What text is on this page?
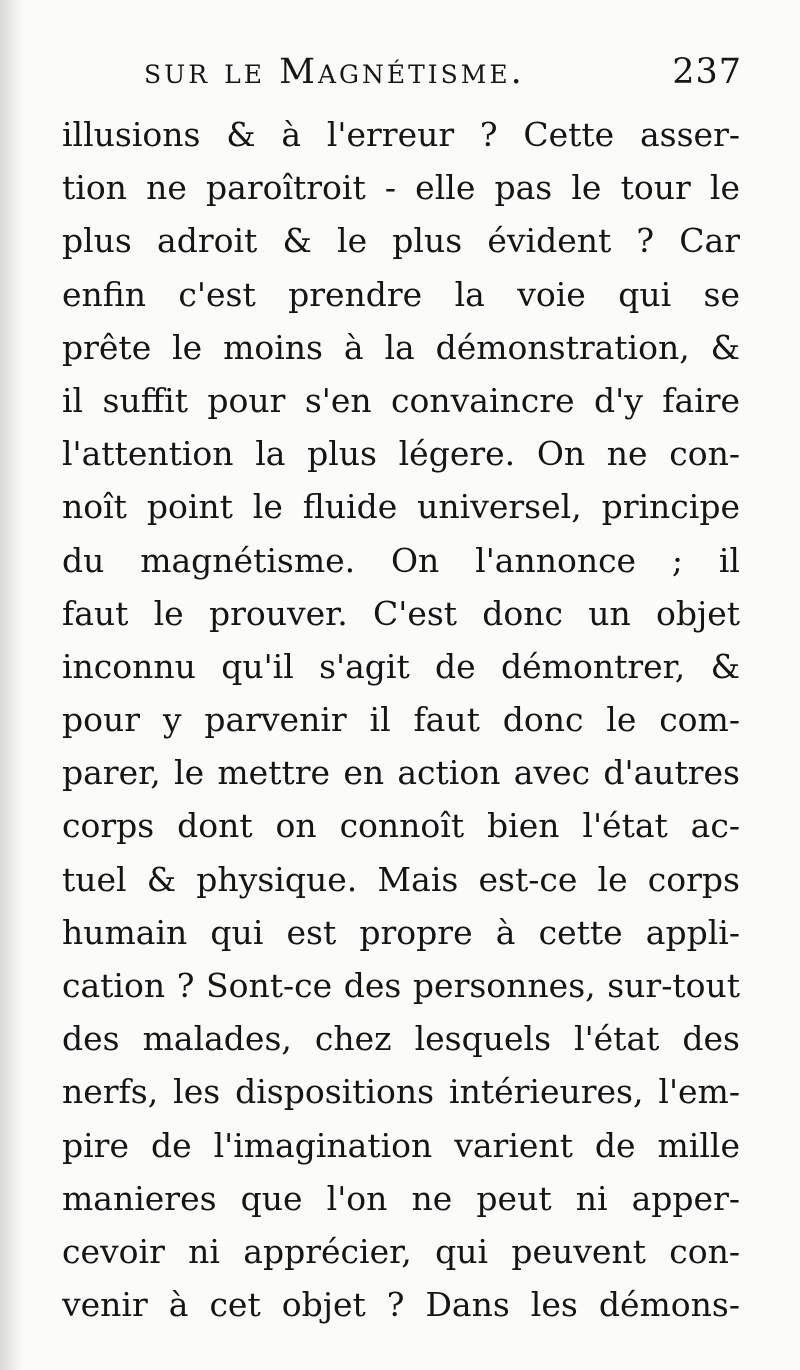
sur le Magnétisme.	237
illusions & à l'erreur ? Cette asser-
tion ne paroîtroit - elle pas le tour le
plus adroit & le plus évident ? Car
enfin c'est prendre la voie qui se
prête le moins à la démonstration, &
il suffit pour s'en convaincre d'y faire
l'attention la plus légere. On ne con-
noît point le fluide universel, principe
du magnétisme. On l'annonce ; il
faut le prouver. C'est donc un objet
inconnu qu'il s'agit de démontrer, &
pour y parvenir il faut donc le com-
parer, le mettre en action avec d'autres
corps dont on connoît bien l'état ac-
tuel & physique. Mais est-ce le corps
humain qui est propre à cette appli-
cation ? Sont-ce des personnes, sur-tout
des malades, chez lesquels l'état des
nerfs, les dispositions intérieures, l'em-
pire de l'imagination varient de mille
manieres que l'on ne peut ni apper-
cevoir ni apprécier, qui peuvent con-
venir à cet objet ? Dans les démons-
